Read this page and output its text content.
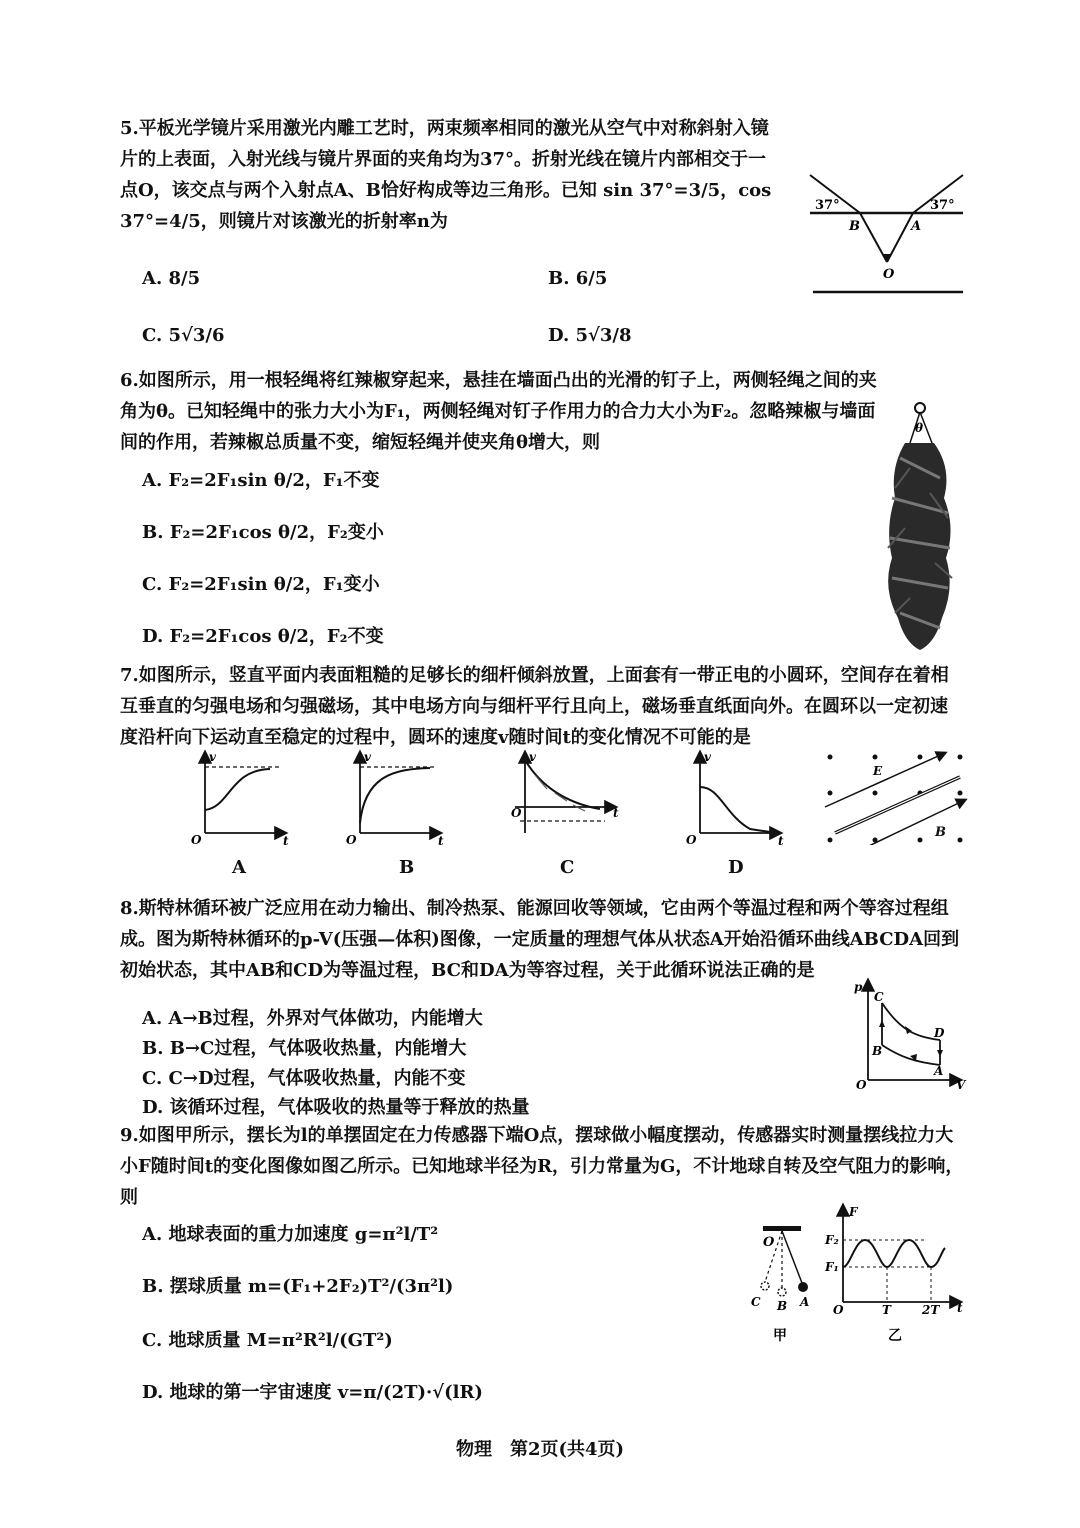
5.平板光学镜片采用激光内雕工艺时，两束频率相同的激光从空气中对称斜射入镜片的上表面，入射光线与镜片界面的夹角均为37°。折射光线在镜片内部相交于一点O，该交点与两个入射点A、B恰好构成等边三角形。已知 sin 37°=3/5，cos 37°=4/5，则镜片对该激光的折射率n为

A. 8/5	B. 6/5
C. 5√3/6	D. 5√3/8
37°	37°
B	A
O

6.如图所示，用一根轻绳将红辣椒穿起来，悬挂在墙面凸出的光滑的钉子上，两侧轻绳之间的夹角为θ。已知轻绳中的张力大小为F₁，两侧轻绳对钉子作用力的合力大小为F₂。忽略辣椒与墙面间的作用，若辣椒总质量不变，缩短轻绳并使夹角θ增大，则

A. F₂=2F₁sin θ/2，F₁不变
B. F₂=2F₁cos θ/2，F₂变小
C. F₂=2F₁sin θ/2，F₁变小
D. F₂=2F₁cos θ/2，F₂不变
θ

7.如图所示，竖直平面内表面粗糙的足够长的细杆倾斜放置，上面套有一带正电的小圆环，空间存在着相互垂直的匀强电场和匀强磁场，其中电场方向与细杆平行且向上，磁场垂直纸面向外。在圆环以一定初速度沿杆向下运动直至稳定的过程中，圆环的速度v随时间t的变化情况不可能的是

v
t
O
v
t
O
v
t
O
v
t
O
E
A	B	C	D
B

8.斯特林循环被广泛应用在动力输出、制冷热泵、能源回收等领域，它由两个等温过程和两个等容过程组成。图为斯特林循环的p-V(压强—体积)图像，一定质量的理想气体从状态A开始沿循环曲线ABCDA回到初始状态，其中AB和CD为等温过程，BC和DA为等容过程，关于此循环说法正确的是

A. A→B过程，外界对气体做功，内能增大
B. B→C过程，气体吸收热量，内能增大
C. C→D过程，气体吸收热量，内能不变
D. 该循环过程，气体吸收的热量等于释放的热量
p
V
O
C
B
D
A

9.如图甲所示，摆长为l的单摆固定在力传感器下端O点，摆球做小幅度摆动，传感器实时测量摆线拉力大小F随时间t的变化图像如图乙所示。已知地球半径为R，引力常量为G，不计地球自转及空气阻力的影响，则

A. 地球表面的重力加速度 g=π²l/T²
B. 摆球质量 m=(F₁+2F₂)T²/(3π²l)
C. 地球质量 M=π²R²l/(GT²)
D. 地球的第一宇宙速度 v=π/(2T)·√(lR)
O
C B A
甲
F
F₂
F₁
O	T	2T t
乙
物理　第2页(共4页)
